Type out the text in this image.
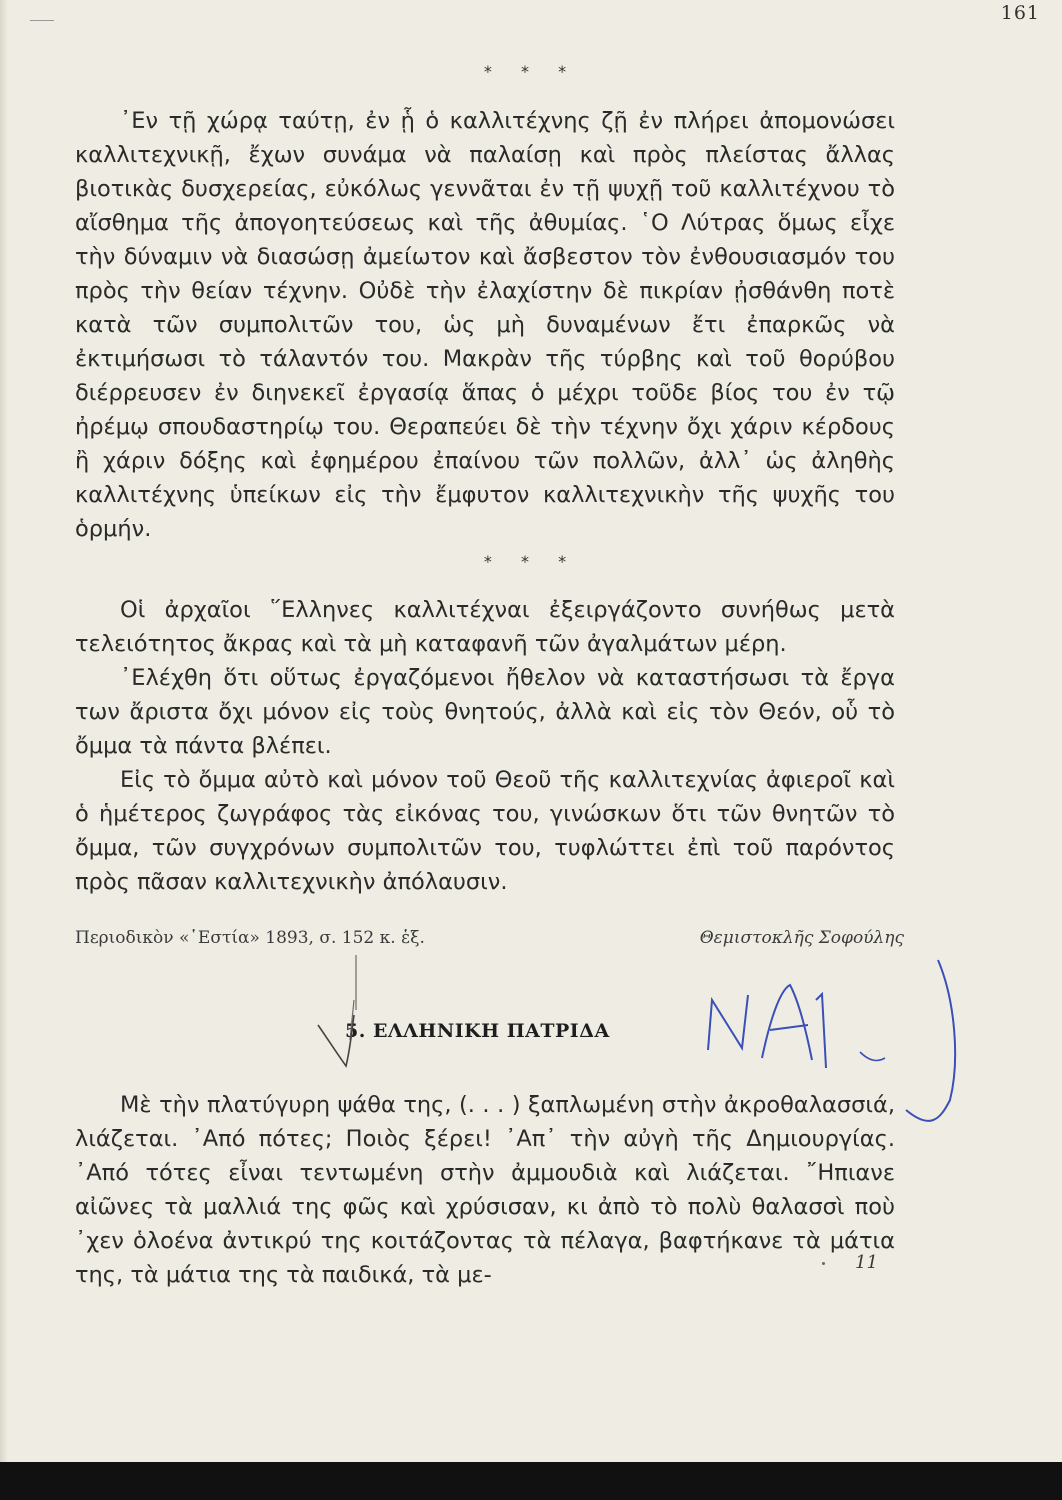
161
* * *

᾿Εν τῇ χώρᾳ ταύτῃ, ἐν ᾗ ὁ καλλιτέχνης ζῇ ἐν πλήρει ἀπομονώσει καλλιτεχνικῇ, ἔχων συνάμα νὰ παλαίσῃ καὶ πρὸς πλείστας ἄλλας βιοτικὰς δυσχερείας, εὐκόλως γεννᾶται ἐν τῇ ψυχῇ τοῦ καλλιτέχνου τὸ αἴσθημα τῆς ἀπογοητεύσεως καὶ τῆς ἀθυμίας. ῾Ο Λύτρας ὅμως εἶχε τὴν δύναμιν νὰ διασώσῃ ἀμείωτον καὶ ἄσβεστον τὸν ἐνθουσιασμόν του πρὸς τὴν θείαν τέχνην. Οὐδὲ τὴν ἐλαχίστην δὲ πικρίαν ᾐσθάνθη ποτὲ κατὰ τῶν συμπολιτῶν του, ὡς μὴ δυναμένων ἔτι ἐπαρκῶς νὰ ἐκτιμήσωσι τὸ τάλαντόν του. Μακρὰν τῆς τύρβης καὶ τοῦ θορύβου διέρρευσεν ἐν διηνεκεῖ ἐργασίᾳ ἅπας ὁ μέχρι τοῦδε βίος του ἐν τῷ ἠρέμῳ σπουδαστηρίῳ του. Θεραπεύει δὲ τὴν τέχνην ὄχι χάριν κέρδους ἢ χάριν δόξης καὶ ἐφημέρου ἐπαίνου τῶν πολλῶν, ἀλλ᾿ ὡς ἀληθὴς καλλιτέχνης ὑπείκων εἰς τὴν ἔμφυτον καλλιτεχνικὴν τῆς ψυχῆς του ὁρμήν.

* * *

Οἱ ἀρχαῖοι ῞Ελληνες καλλιτέχναι ἐξειργάζοντο συνήθως μετὰ τελειότητος ἄκρας καὶ τὰ μὴ καταφανῆ τῶν ἀγαλμάτων μέρη.

᾿Ελέχθη ὅτι οὕτως ἐργαζόμενοι ἤθελον νὰ καταστήσωσι τὰ ἔργα των ἄριστα ὄχι μόνον εἰς τοὺς θνητούς, ἀλλὰ καὶ εἰς τὸν Θεόν, οὗ τὸ ὄμμα τὰ πάντα βλέπει.

Εἰς τὸ ὄμμα αὐτὸ καὶ μόνον τοῦ Θεοῦ τῆς καλλιτεχνίας ἀφιεροῖ καὶ ὁ ἡμέτερος ζωγράφος τὰς εἰκόνας του, γινώσκων ὅτι τῶν θνητῶν τὸ ὄμμα, τῶν συγχρόνων συμπολιτῶν του, τυφλώττει ἐπὶ τοῦ παρόντος πρὸς πᾶσαν καλλιτεχνικὴν ἀπόλαυσιν.

Περιοδικὸν «῾Εστία» 1893, σ. 152 κ. ἑξ.	Θεμιστοκλῆς Σοφούλης
5. ΕΛΛΗΝΙΚΗ ΠΑΤΡΙΔΑ

Μὲ τὴν πλατύγυρη ψάθα της, (. . . ) ξαπλωμένη στὴν ἀκροθαλασσιά, λιάζεται. ᾿Από πότες; Ποιὸς ξέρει! ᾿Απ᾿ τὴν αὐγὴ τῆς Δημιουργίας. ᾿Από τότες εἶναι τεντωμένη στὴν ἀμμουδιὰ καὶ λιάζεται. ῎Ηπιανε αἰῶνες τὰ μαλλιά της φῶς καὶ χρύσισαν, κι ἀπὸ τὸ πολὺ θαλασσὶ ποὺ ᾿χεν ὁλοένα ἀντικρύ της κοιτάζοντας τὰ πέλαγα, βαφτήκανε τὰ μάτια της, τὰ μάτια της τὰ παιδικά, τὰ με-	11
